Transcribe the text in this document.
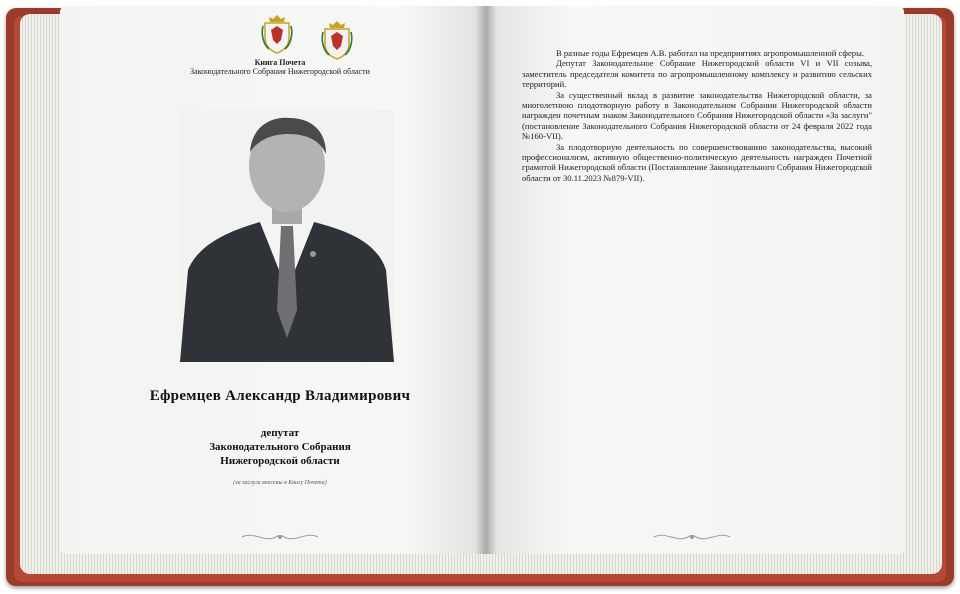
Книга Почета
Законодательного Собрания Нижегородской области
Ефремцев Александр Владимирович
депутат
Законодательного Собрания
Нижегородской области
(за заслуги внесены в Книгу Почета)

В разные годы Ефремцев А.В. работал на предприятиях агропромышленной сферы.

Депутат Законодательное Собрание Нижегородской области VI и VII созыва, заместитель председателя комитета по агропромышленному комплексу и развитию сельских территорий.

За существенный вклад в развитие законодательства Нижегородской области, за многолетнюю плодотворную работу в Законодательном Собрании Нижегородской области награжден почетным знаком Законодательного Собрания Нижегородской области «За заслуги" (постановление Законодательного Собрания Нижегородской области от 24 февраля 2022 года №160-VII).

За плодотворную деятельность по совершенствованию законодательства, высокий профессионализм, активную общественно-политическую деятельность награжден Почетной грамотой Нижегородской области (Постановление Законодательного Собрания Нижегородской области от 30.11.2023 №879-VII).
